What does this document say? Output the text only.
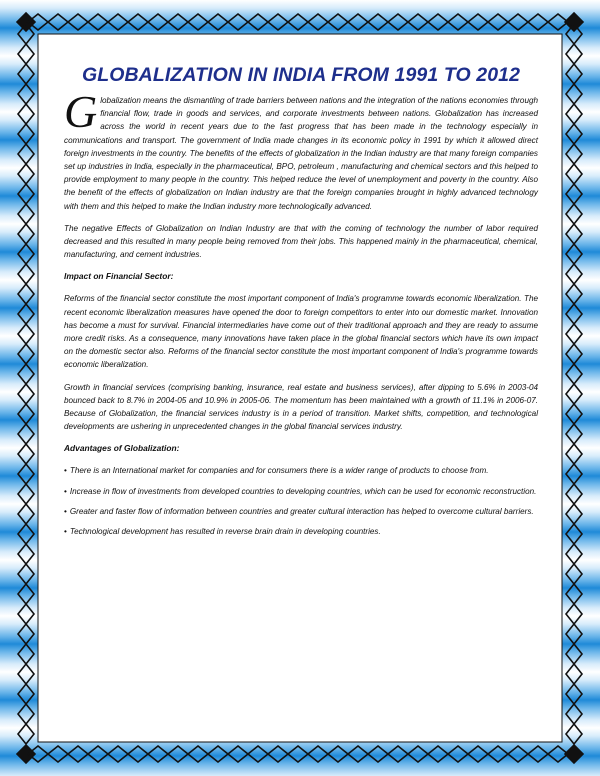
GLOBALIZATION IN INDIA FROM 1991 TO 2012

Globalization means the dismantling of trade barriers between nations and the integration of the nations economies through financial flow, trade in goods and services, and corporate investments between nations. Globalization has increased across the world in recent years due to the fast progress that has been made in the technology especially in communications and transport. The government of India made changes in its economic policy in 1991 by which it allowed direct foreign investments in the country. The benefits of the effects of globalization in the Indian industry are that many foreign companies set up industries in India, especially in the pharmaceutical, BPO, petroleum , manufacturing and chemical sectors and this helped to provide employment to many people in the country. This helped reduce the level of unemployment and poverty in the country. Also the benefit of the effects of globalization on Indian industry are that the foreign companies brought in highly advanced technology with them and this helped to make the Indian industry more technologically advanced.

The negative Effects of Globalization on Indian Industry are that with the coming of technology the number of labor required decreased and this resulted in many people being removed from their jobs. This happened mainly in the pharmaceutical, chemical, manufacturing, and cement industries.

Impact on Financial Sector:

Reforms of the financial sector constitute the most important component of India's programme towards economic liberalization. The recent economic liberalization measures have opened the door to foreign competitors to enter into our domestic market. Innovation has become a must for survival. Financial intermediaries have come out of their traditional approach and they are ready to assume more credit risks. As a consequence, many innovations have taken place in the global financial sectors which have its own impact on the domestic sector also. Reforms of the financial sector constitute the most important component of India's programme towards economic liberalization.

Growth in financial services (comprising banking, insurance, real estate and business services), after dipping to 5.6% in 2003-04 bounced back to 8.7% in 2004-05 and 10.9% in 2005-06. The momentum has been maintained with a growth of 11.1% in 2006-07. Because of Globalization, the financial services industry is in a period of transition. Market shifts, competition, and technological developments are ushering in unprecedented changes in the global financial services industry.

Advantages of Globalization:

• There is an International market for companies and for consumers there is a wider range of products to choose from.

• Increase in flow of investments from developed countries to developing countries, which can be used for economic reconstruction.

• Greater and faster flow of information between countries and greater cultural interaction has helped to overcome cultural barriers.

• Technological development has resulted in reverse brain drain in developing countries.
